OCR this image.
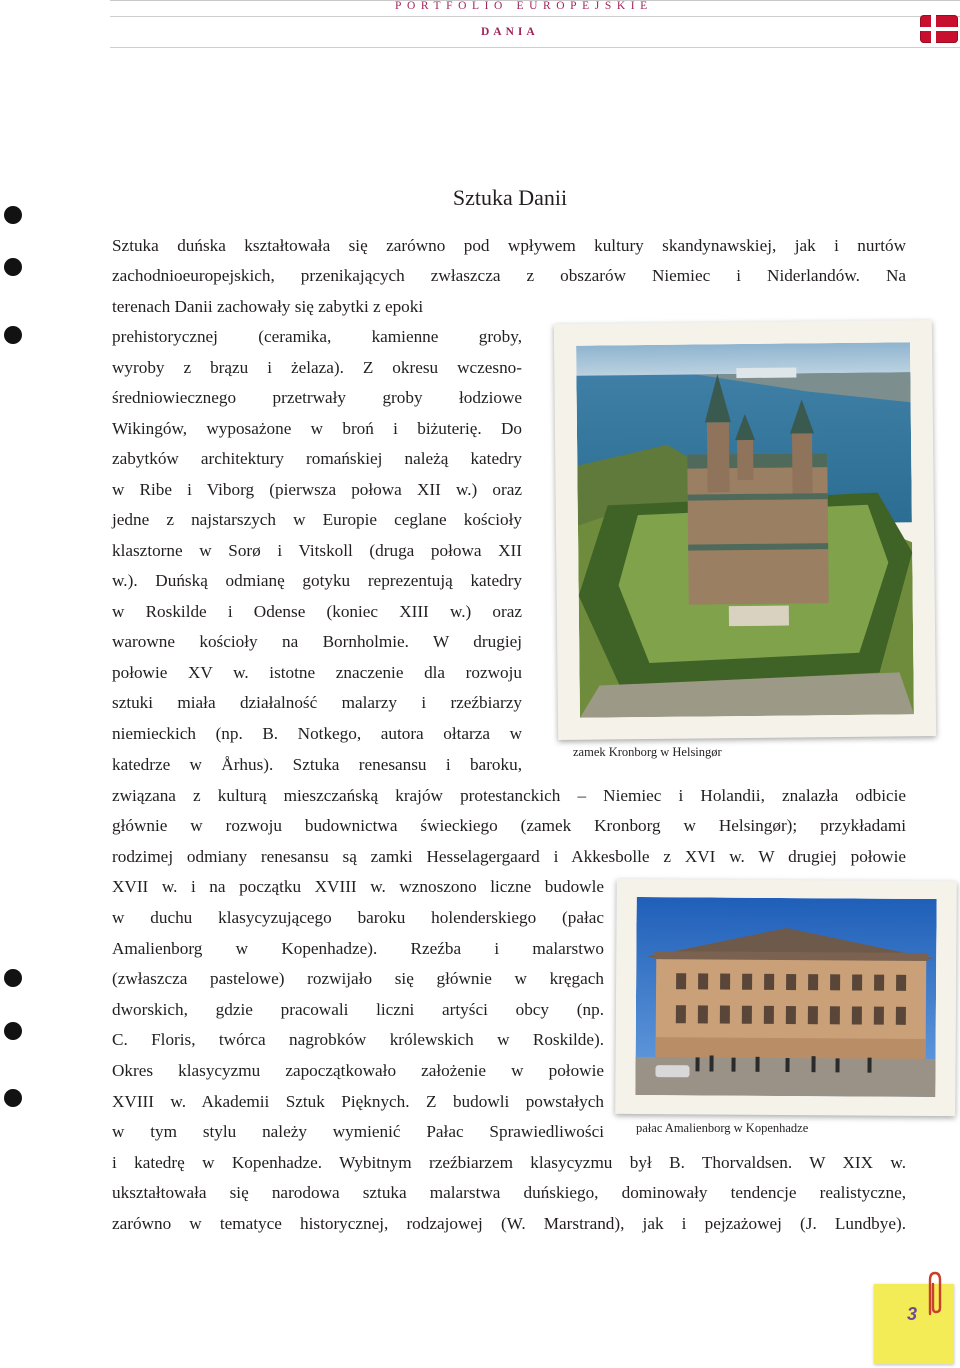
PORTFOLIO EUROPEJSKIE
DANIA
Sztuka Danii
Sztuka duńska kształtowała się zarówno pod wpływem kultury skandynawskiej, jak i nurtów
zachodnioeuropejskich, przenikających zwłaszcza z obszarów Niemiec i Niderlandów. Na
terenach Danii zachowały się zabytki z epoki
prehistorycznej (ceramika, kamienne groby,
wyroby z brązu i żelaza). Z okresu wczesno-
średniowiecznego przetrwały groby łodziowe
Wikingów, wyposażone w broń i biżuterię. Do
zabytków architektury romańskiej należą katedry
w Ribe i Viborg (pierwsza połowa XII w.) oraz
jedne z najstarszych w Europie ceglane kościoły
klasztorne w Sorø i Vitskoll (druga połowa XII
w.). Duńską odmianę gotyku reprezentują katedry
w Roskilde i Odense (koniec XIII w.) oraz
warowne kościoły na Bornholmie. W drugiej
połowie XV w. istotne znaczenie dla rozwoju
sztuki miała działalność malarzy i rzeźbiarzy
niemieckich (np. B. Notkego, autora ołtarza w
katedrze w Århus). Sztuka renesansu i baroku,
związana z kulturą mieszczańską krajów protestanckich – Niemiec i Holandii, znalazła odbicie
głównie w rozwoju budownictwa świeckiego (zamek Kronborg w Helsingør); przykładami
rodzimej odmiany renesansu są zamki Hesselagergaard i Akkesbolle z XVI w. W drugiej połowie
XVII w. i na początku XVIII w. wznoszono liczne budowle
w duchu klasycyzującego baroku holenderskiego (pałac
Amalienborg w Kopenhadze). Rzeźba i malarstwo
(zwłaszcza pastelowe) rozwijało się głównie w kręgach
dworskich, gdzie pracowali liczni artyści obcy (np.
C. Floris, twórca nagrobków królewskich w Roskilde).
Okres klasycyzmu zapoczątkowało założenie w połowie
XVIII w. Akademii Sztuk Pięknych. Z budowli powstałych
w tym stylu należy wymienić Pałac Sprawiedliwości
i katedrę w Kopenhadze. Wybitnym rzeźbiarzem klasycyzmu był B. Thorvaldsen. W XIX w.
ukształtowała się narodowa sztuka malarstwa duńskiego, dominowały tendencje realistyczne,
zarówno w tematyce historycznej, rodzajowej (W. Marstrand), jak i pejzażowej (J. Lundbye).
zamek Kronborg w Helsingør
pałac Amalienborg w Kopenhadze
3
